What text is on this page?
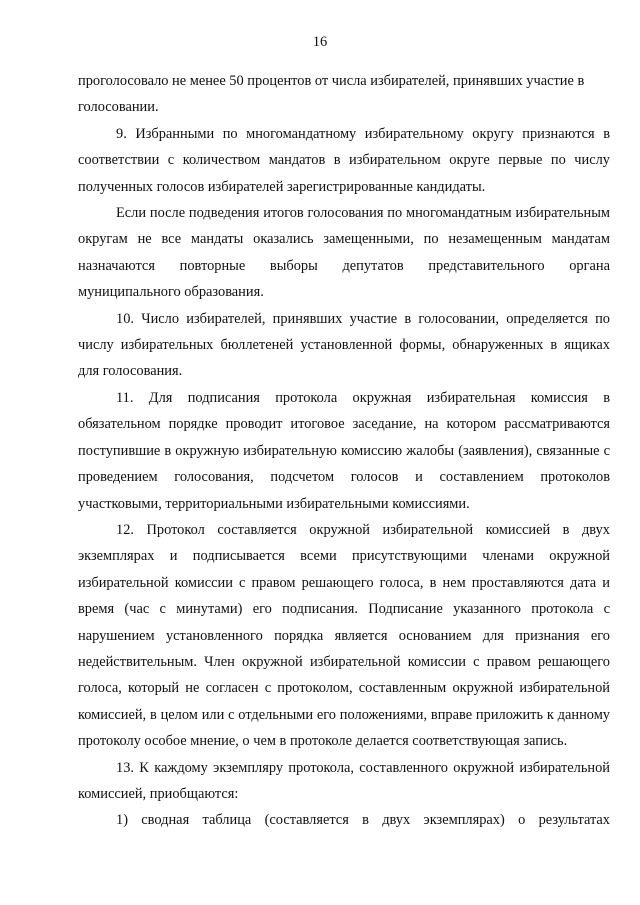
16

проголосовало не менее 50 процентов от числа избирателей, принявших участие в голосовании.

9. Избранными по многомандатному избирательному округу признаются в соответствии с количеством мандатов в избирательном округе первые по числу полученных голосов избирателей зарегистрированные кандидаты.

Если после подведения итогов голосования по многомандатным избирательным округам не все мандаты оказались замещенными, по незамещенным мандатам назначаются повторные выборы депутатов представительного органа муниципального образования.

10. Число избирателей, принявших участие в голосовании, определяется по числу избирательных бюллетеней установленной формы, обнаруженных в ящиках для голосования.

11. Для подписания протокола окружная избирательная комиссия в обязательном порядке проводит итоговое заседание, на котором рассматриваются поступившие в окружную избирательную комиссию жалобы (заявления), связанные с проведением голосования, подсчетом голосов и составлением протоколов участковыми, территориальными избирательными комиссиями.

12. Протокол составляется окружной избирательной комиссией в двух экземплярах и подписывается всеми присутствующими членами окружной избирательной комиссии с правом решающего голоса, в нем проставляются дата и время (час с минутами) его подписания. Подписание указанного протокола с нарушением установленного порядка является основанием для признания его недействительным. Член окружной избирательной комиссии с правом решающего голоса, который не согласен с протоколом, составленным окружной избирательной комиссией, в целом или с отдельными его положениями, вправе приложить к данному протоколу особое мнение, о чем в протоколе делается соответствующая запись.

13. К каждому экземпляру протокола, составленного окружной избирательной комиссией, приобщаются:

1) сводная таблица (составляется в двух экземплярах) о результатах
